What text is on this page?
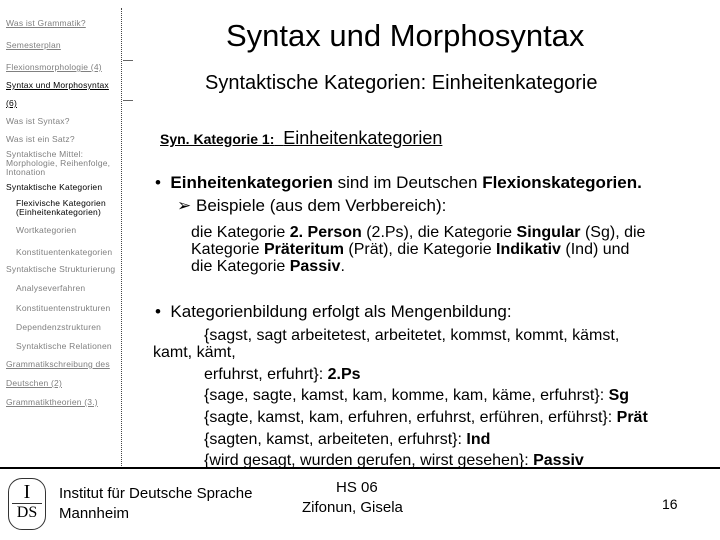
Was ist Grammatik?
Semesterplan
Flexionsmorphologie (4)
Syntax und Morphosyntax
(6)
Was ist Syntax?
Was ist ein Satz?
Syntaktische Mittel: Morphologie, Reihenfolge, Intonation
Syntaktische Kategorien
Flexivische Kategorien (Einheitenkategorien)
Wortkategorien
Konstituentenkategorien
Syntaktische Strukturierung
Analyseverfahren
Konstituentenstrukturen
Dependenzstrukturen
Syntaktische Relationen
Grammatikschreibung des
Deutschen (2)
Grammatiktheorien (3.)
Syntax und Morphosyntax
Syntaktische Kategorien: Einheitenkategorie
Syn. Kategorie 1: Einheitenkategorien
•  Einheitenkategorien sind im Deutschen Flexionskategorien.
➢ Beispiele (aus dem Verbbereich):
die Kategorie 2. Person (2.Ps), die Kategorie Singular (Sg), die
Kategorie Präteritum (Prät), die Kategorie Indikativ (Ind) und
die Kategorie Passiv.
•  Kategorienbildung erfolgt als Mengenbildung:
{sagst, sagt arbeitetest, arbeitetet, kommst, kommt, kämst,
kamt, kämt,
erfuhrst, erfuhrt}: 2.Ps
{sage, sagte, kamst, kam, komme, kam, käme, erfuhrst}: Sg
{sagte, kamst, kam, erfuhren, erfuhrst, erführen, erführst}: Prät
{sagten, kamst, arbeiteten, erfuhrst}: Ind
{wird gesagt, wurden gerufen, wirst gesehen}: Passiv
I
DS
Institut für Deutsche Sprache
Mannheim
HS 06
Zifonun, Gisela	16
